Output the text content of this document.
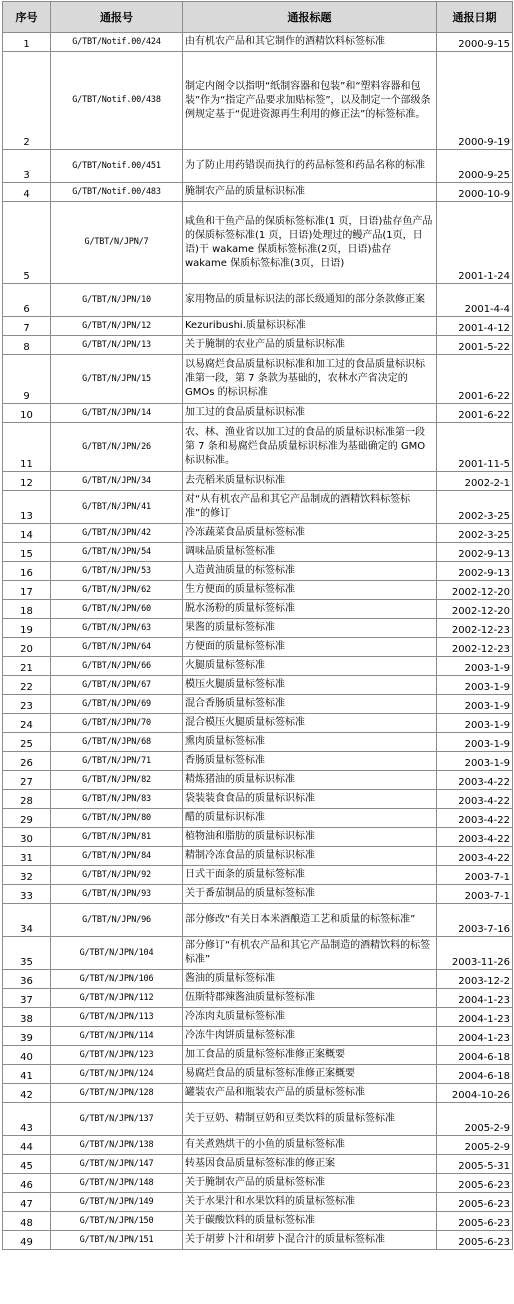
序号	通报号	通报标题	通报日期
1	G/TBT/Notif.00/424	由有机农产品和其它制作的酒精饮料标签标准	2000-9-15
2	G/TBT/Notif.00/438	制定内阁令以指明“纸制容器和包装”和“塑料容器和包装”作为“指定产品要求加贴标签”，以及制定一个部级条例规定基于“促进资源再生利用的修正法”的标签标准。	2000-9-19
3	G/TBT/Notif.00/451	为了防止用药错误而执行的药品标签和药品名称的标准	2000-9-25
4	G/TBT/Notif.00/483	腌制农产品的质量标识标准	2000-10-9
5	G/TBT/N/JPN/7	咸鱼和干鱼产品的保质标签标准(1 页，日语)盐存鱼产品的保质标签标准(1 页，日语)处理过的鳗产品(1页，日语)干 wakame 保质标签标准(2页，日语)盐存 wakame 保质标签标准(3页，日语)	2001-1-24
6	G/TBT/N/JPN/10	家用物品的质量标识法的部长级通知的部分条款修正案	2001-4-4
7	G/TBT/N/JPN/12	Kezuribushi.质量标识标准	2001-4-12
8	G/TBT/N/JPN/13	关于腌制的农业产品的质量标识标准	2001-5-22
9	G/TBT/N/JPN/15	以易腐烂食品质量标识标准和加工过的食品质量标识标准第一段，第 7 条款为基础的，农林水产省决定的 GMOs 的标识标准	2001-6-22
10	G/TBT/N/JPN/14	加工过的食品质量标识标准	2001-6-22
11	G/TBT/N/JPN/26	农、林、渔业省以加工过的食品的质量标识标准第一段第 7 条和易腐烂食品质量标识标准为基础确定的 GMO 标识标准。	2001-11-5
12	G/TBT/N/JPN/34	去壳稻米质量标识标准	2002-2-1
13	G/TBT/N/JPN/41	对“从有机农产品和其它产品制成的酒精饮料标签标准”的修订	2002-3-25
14	G/TBT/N/JPN/42	冷冻蔬菜食品质量标签标准	2002-3-25
15	G/TBT/N/JPN/54	调味品质量标签标准	2002-9-13
16	G/TBT/N/JPN/53	人造黄油质量的标签标准	2002-9-13
17	G/TBT/N/JPN/62	生方便面的质量标签标准	2002-12-20
18	G/TBT/N/JPN/60	脱水汤粉的质量标签标准	2002-12-20
19	G/TBT/N/JPN/63	果酱的质量标签标准	2002-12-23
20	G/TBT/N/JPN/64	方便面的质量标签标准	2002-12-23
21	G/TBT/N/JPN/66	火腿质量标签标准	2003-1-9
22	G/TBT/N/JPN/67	模压火腿质量标签标准	2003-1-9
23	G/TBT/N/JPN/69	混合香肠质量标签标准	2003-1-9
24	G/TBT/N/JPN/70	混合模压火腿质量标签标准	2003-1-9
25	G/TBT/N/JPN/68	熏肉质量标签标准	2003-1-9
26	G/TBT/N/JPN/71	香肠质量标签标准	2003-1-9
27	G/TBT/N/JPN/82	精炼猪油的质量标识标准	2003-4-22
28	G/TBT/N/JPN/83	袋装装食食品的质量标识标准	2003-4-22
29	G/TBT/N/JPN/80	醋的质量标识标准	2003-4-22
30	G/TBT/N/JPN/81	植物油和脂肪的质量标识标准	2003-4-22
31	G/TBT/N/JPN/84	精制冷冻食品的质量标识标准	2003-4-22
32	G/TBT/N/JPN/92	日式干面条的质量标签标准	2003-7-1
33	G/TBT/N/JPN/93	关于番茄制品的质量标签标准	2003-7-1
34	G/TBT/N/JPN/96	部分修改“有关日本米酒酿造工艺和质量的标签标准”	2003-7-16
35	G/TBT/N/JPN/104	部分修订“有机农产品和其它产品制造的酒精饮料的标签标准”	2003-11-26
36	G/TBT/N/JPN/106	酱油的质量标签标准	2003-12-2
37	G/TBT/N/JPN/112	伍斯特郡辣酱油质量标签标准	2004-1-23
38	G/TBT/N/JPN/113	冷冻肉丸质量标签标准	2004-1-23
39	G/TBT/N/JPN/114	冷冻牛肉饼质量标签标准	2004-1-23
40	G/TBT/N/JPN/123	加工食品的质量标签标准修正案概要	2004-6-18
41	G/TBT/N/JPN/124	易腐烂食品的质量标签标准修正案概要	2004-6-18
42	G/TBT/N/JPN/128	罐装农产品和瓶装农产品的质量标签标准	2004-10-26
43	G/TBT/N/JPN/137	关于豆奶、精制豆奶和豆类饮料的质量标签标准	2005-2-9
44	G/TBT/N/JPN/138	有关煮熟烘干的小鱼的质量标签标准	2005-2-9
45	G/TBT/N/JPN/147	转基因食品质量标签标准的修正案	2005-5-31
46	G/TBT/N/JPN/148	关于腌制农产品的质量标签标准	2005-6-23
47	G/TBT/N/JPN/149	关于水果汁和水果饮料的质量标签标准	2005-6-23
48	G/TBT/N/JPN/150	关于碳酸饮料的质量标签标准	2005-6-23
49	G/TBT/N/JPN/151	关于胡萝卜汁和胡萝卜混合汁的质量标签标准	2005-6-23
